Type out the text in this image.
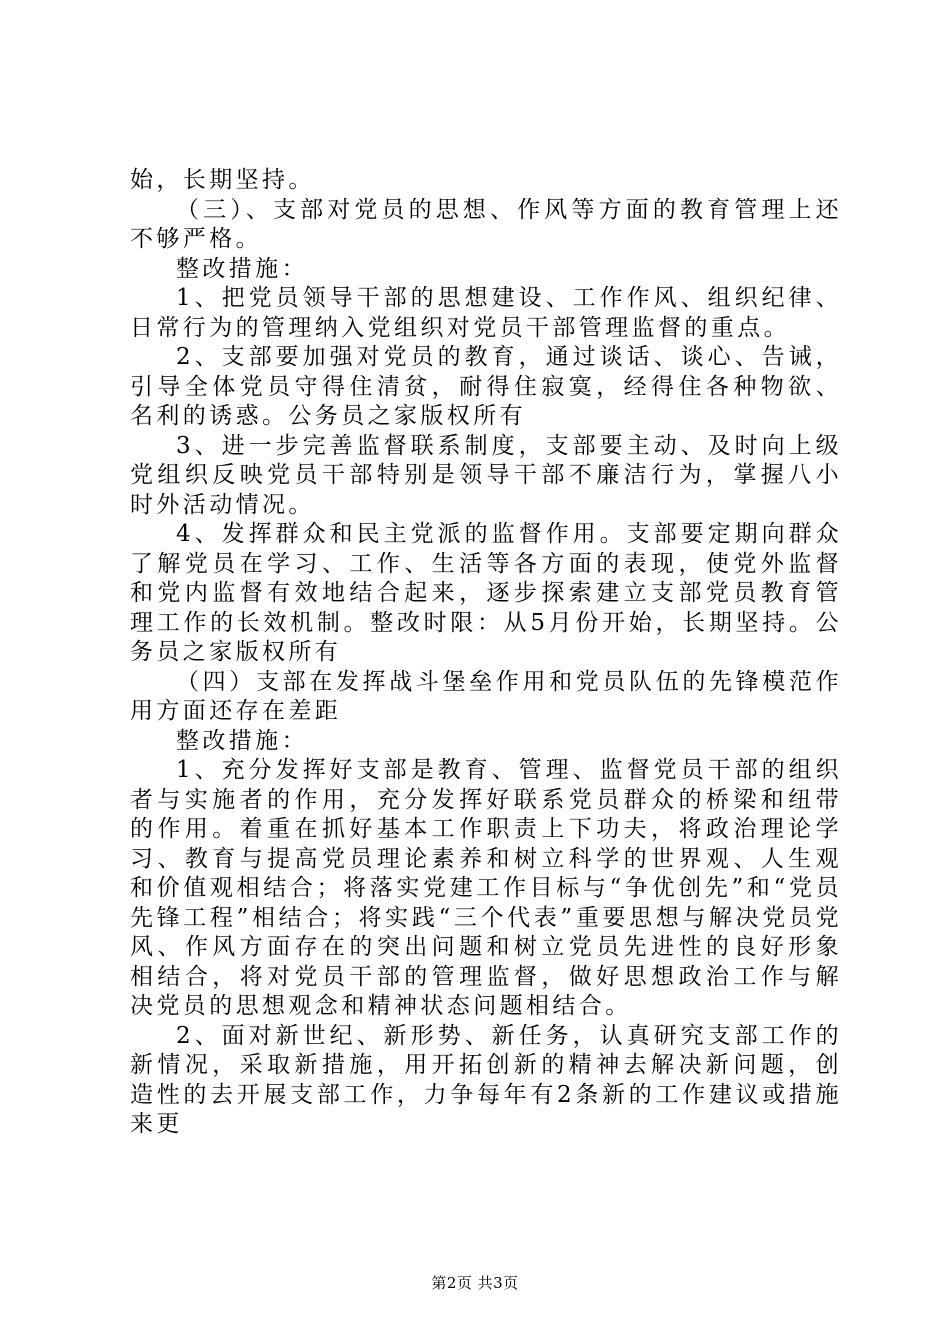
始，长期坚持。

（三）、支部对党员的思想、作风等方面的教育管理上还不够严格。

整改措施：

1、把党员领导干部的思想建设、工作作风、组织纪律、日常行为的管理纳入党组织对党员干部管理监督的重点。

2、支部要加强对党员的教育，通过谈话、谈心、告诫，引导全体党员守得住清贫，耐得住寂寞，经得住各种物欲、名利的诱惑。公务员之家版权所有

3、进一步完善监督联系制度，支部要主动、及时向上级党组织反映党员干部特别是领导干部不廉洁行为，掌握八小时外活动情况。

4、发挥群众和民主党派的监督作用。支部要定期向群众了解党员在学习、工作、生活等各方面的表现，使党外监督和党内监督有效地结合起来，逐步探索建立支部党员教育管理工作的长效机制。整改时限：从5月份开始，长期坚持。公务员之家版权所有

（四）支部在发挥战斗堡垒作用和党员队伍的先锋模范作用方面还存在差距

整改措施：

1、充分发挥好支部是教育、管理、监督党员干部的组织者与实施者的作用，充分发挥好联系党员群众的桥梁和纽带的作用。着重在抓好基本工作职责上下功夫，将政治理论学习、教育与提高党员理论素养和树立科学的世界观、人生观和价值观相结合；将落实党建工作目标与“争优创先”和“党员先锋工程”相结合；将实践“三个代表”重要思想与解决党员党风、作风方面存在的突出问题和树立党员先进性的良好形象相结合，将对党员干部的管理监督，做好思想政治工作与解决党员的思想观念和精神状态问题相结合。

2、面对新世纪、新形势、新任务，认真研究支部工作的新情况，采取新措施，用开拓创新的精神去解决新问题，创造性的去开展支部工作，力争每年有2条新的工作建议或措施来更

第2页 共3页
